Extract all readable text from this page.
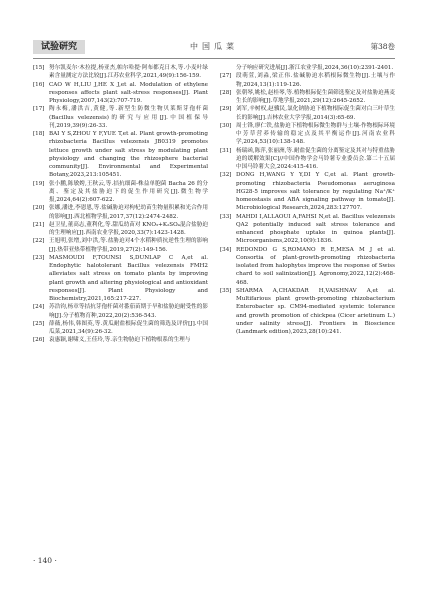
试验研究	中国瓜菜	第38卷
[15] 努尔凯麦尔·木拉提,杨亚杰,帕尔哈提·阿布都克日木,等.小麦叶绿素含量测定方法比较[J].江苏农业科学,2021,49(9):156-159.
[16] CAO W H,LIU J,HE X J,et al. Modulation of ethylene responses affects plant salt-stress responses[J]. Plant Physiology,2007,143(2):707-719.
[17] 陶永梅,潘洪吉,黄健,等.新型生防微生物贝莱斯芽孢杆菌(Bacillus velezensis)的研究与应用[J].中国植保导刊,2019,39(9):26-33.
[18] BAI Y S,ZHOU Y F,YUE T,et al. Plant growth-promoting rhizobacteria Bacillus velezensis JB0319 promotes lettuce growth under salt stress by modulating plant physiology and changing the rhizosphere bacterial community[J]. Environmental and Experimental Botany,2023,213:105451.
[19] 张小鹏,陈敏娉,王秋云,等.拮抗细菌-株益单胞菌 Bacha 26 的分离、鉴定及其盐胁迫下的促生作用研究[J].微生物学报,2024,64(2):607-622.
[20] 张娜,潘进,李恩恩,等.盐碱胁迫对枸杞幼苗生物量积累和光合作用的影响[J].西北植物学报,2017,37(12):2474-2482.
[21] 赵卫星,董高志,董利化,等.甜瓜幼苗对 KNO₃+K₂SO₄混合盐胁迫的生理响应[J].西南农业学报,2020,33(7):1423-1428.
[22] 王旭明,张增,刘中洪,等.盐胁迫对4个水稻种质抗逆性生理的影响[J].热带亚热带植物学报,2019,27(2):149-156.
[23] MASMOUDI F,TOUNSI S,DUNLAP C A,et al. Endophytic halotolerant Bacillus velezensis FMH2 alleviates salt stress on tomato plants by improving plant growth and altering physiological and antioxidant responses[J]. Plant Physiology and Biochemistry,2021,165:217-227.
[24] 苏浩钧,杨章等拮抗芽孢杆菌对番茄苗期于旱和盐胁迫耐受性的影响[J].分子植物育种,2022,20(2):536-543.
[25] 薛薇,杨伟,韩图英,等.黄瓜耐盐根际促生菌的筛选及评价[J].中国瓜菜,2021,34(9):26-32.
[26] 袁惠颖,谢啸义,王佳玲,等.亲生物胁迫下植物根系的生理与
分子响应研究进展[J].浙江农业学报,2024,36(10):2391-2401.
[27] 段萌萱,刘淼,梁正伟.盐碱胁迫水稻根际微生物[J].土壤与作物,2024,13(1):119-126.
[28] 张朝琴,姚松,赵桂琴,等.植物根际促生菌筛选鉴定及对盐胁迫燕麦生长的影响[J].草地学报,2021,29(12):2645-2652.
[29] 刘军,辛树权,赵骥民,氯化钠胁迫下植物根际促生菌对白三叶草生长的影响[J].吉林农业大学学报,2014(3):65-69.
[30] 周士锋,廖仁铁,盐胁迫下植物根际微生物群与土壤-作物根际环境中芳草营养传输的稳定点及其平衡运作[J].河南农业科学,2024,53(10):138-148.
[31] 杨瑞函,陈萍,张丽洲,等.耐盐促生菌的分离鉴定及其对与特重盐胁迫的缓解效果[C]//中国作物学会马铃薯专业委员会.第二十五届中国马铃薯大会,2024:415-416.
[32] DONG H,WANG Y Y,DI Y C,et al. Plant growth-promoting rhizobacteria Pseudomonas aeruginosa HG28-5 improves salt tolerance by regulating Na⁺/K⁺ homeostasis and ABA signaling pathway in tomato[J]. Microbiological Research,2024,283:127707.
[33] MAHDI I,ALLAOUI A,FAHSI N,et al. Bacillus velezensis QA2 potentially induced salt stress tolerance and enhanced phosphate uptake in quinoa plants[J]. Microorganisms,2022,10(9):1836.
[34] REDONDO G S,ROMANO R E,MESA M J et al. Consortia of plant-growth-promoting rhizobacteria isolated from halophytes improve the response of Swiss chard to soil salinization[J]. Agronomy,2022,12(2):468-468.
[35] SHARMA A,CHAKDAR H,VAISHNAV A,et al. Multifarious plant growth-promoting rhizobacterium Enterobacter sp. CM94-mediated systemic tolerance and growth promotion of chickpea (Cicer arietinum L.) under salinity stress[J]. Frontiers in Bioscience (Landmark edition),2023,28(10):241.
· 140 ·
